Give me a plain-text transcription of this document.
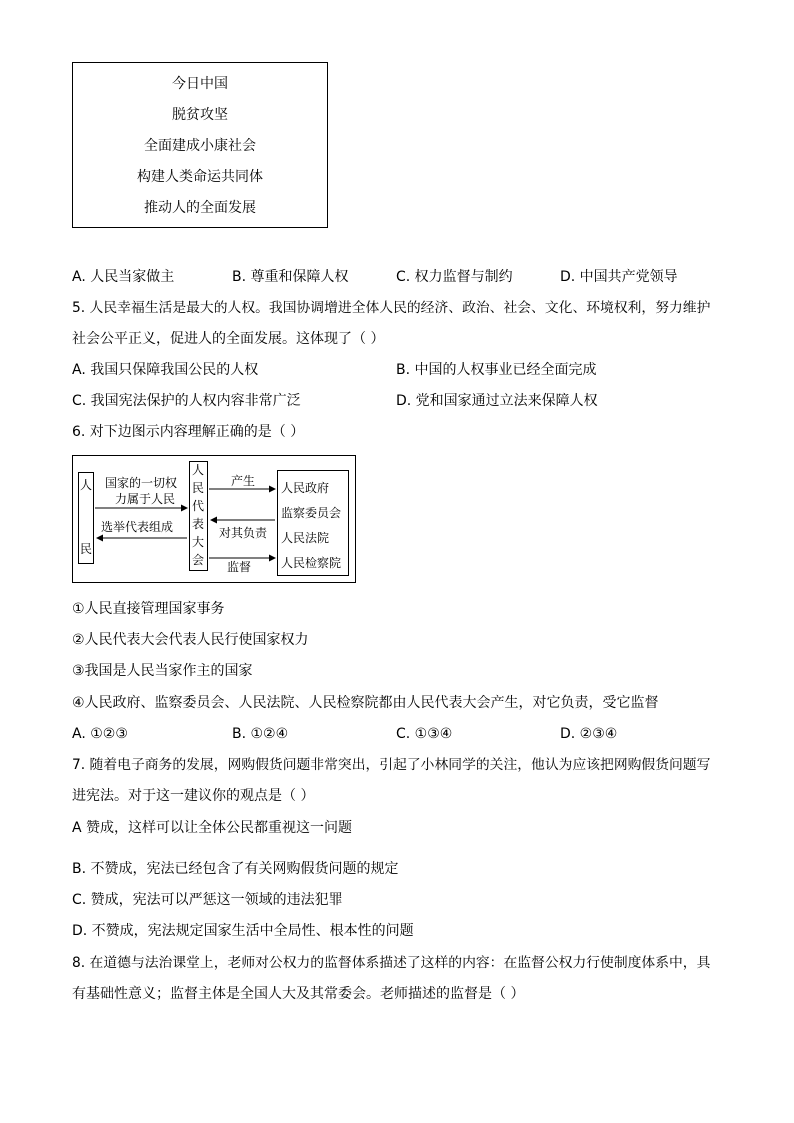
今日中国
脱贫攻坚
全面建成小康社会
构建人类命运共同体
推动人的全面发展
A. 人民当家做主	B. 尊重和保障人权	C. 权力监督与制约	D. 中国共产党领导
5. 人民幸福生活是最大的人权。我国协调增进全体人民的经济、政治、社会、文化、环境权利，努力维护
社会公平正义，促进人的全面发展。这体现了（ ）
A. 我国只保障我国公民的人权	B. 中国的人权事业已经全面完成
C. 我国宪法保护的人权内容非常广泛	D. 党和国家通过立法来保障人权
6. 对下边图示内容理解正确的是（ ）
人
民
国家的一切权
力属于人民
选举代表组成
人
民
代
表
大
会
产生
对其负责
监督
人民政府
监察委员会
人民法院
人民检察院
①人民直接管理国家事务
②人民代表大会代表人民行使国家权力
③我国是人民当家作主的国家
④人民政府、监察委员会、人民法院、人民检察院都由人民代表大会产生，对它负责，受它监督
A. ①②③	B. ①②④	C. ①③④	D. ②③④
7. 随着电子商务的发展，网购假货问题非常突出，引起了小林同学的关注，他认为应该把网购假货问题写
进宪法。对于这一建议你的观点是（ ）
A 赞成，这样可以让全体公民都重视这一问题
B. 不赞成，宪法已经包含了有关网购假货问题的规定
C. 赞成，宪法可以严惩这一领域的违法犯罪
D. 不赞成，宪法规定国家生活中全局性、根本性的问题
8. 在道德与法治课堂上，老师对公权力的监督体系描述了这样的内容：在监督公权力行使制度体系中，具
有基础性意义；监督主体是全国人大及其常委会。老师描述的监督是（ ）
